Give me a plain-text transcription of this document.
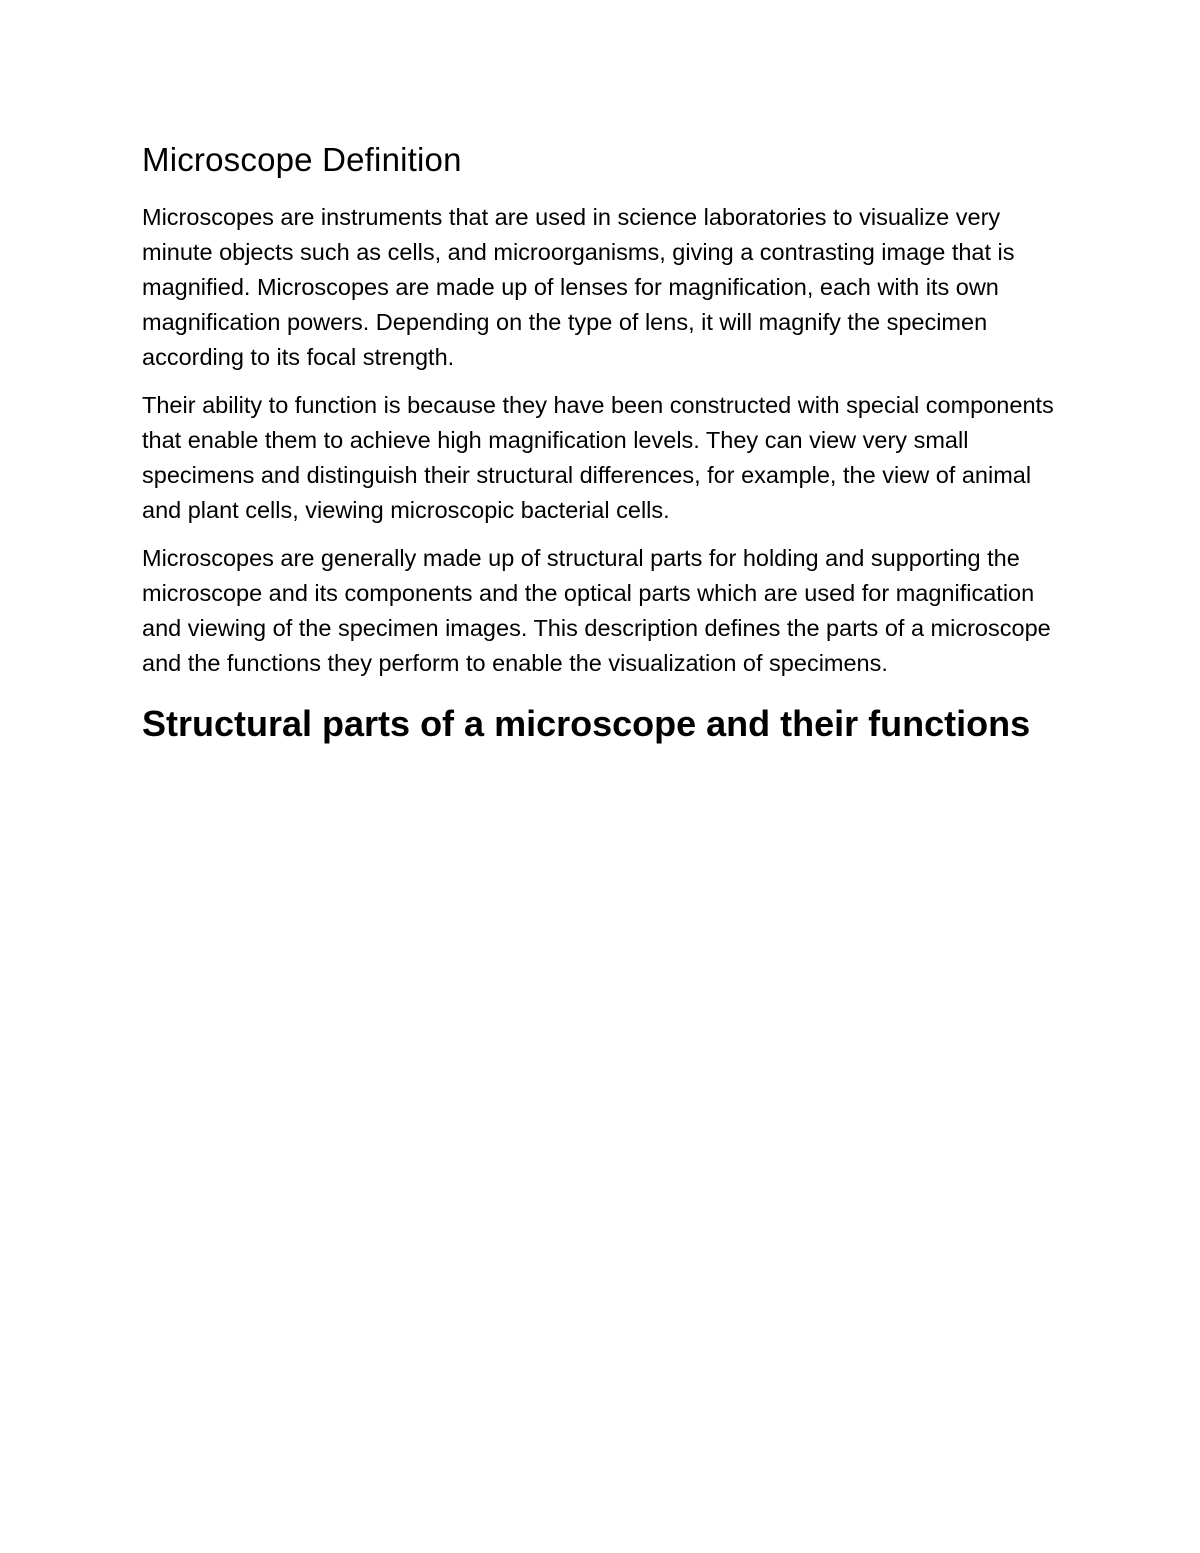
Microscope Definition

Microscopes are instruments that are used in science laboratories to visualize very minute objects such as cells, and microorganisms, giving a contrasting image that is magnified. Microscopes are made up of lenses for magnification, each with its own magnification powers. Depending on the type of lens, it will magnify the specimen according to its focal strength.

Their ability to function is because they have been constructed with special components that enable them to achieve high magnification levels. They can view very small specimens and distinguish their structural differences, for example, the view of animal and plant cells, viewing microscopic bacterial cells.

Microscopes are generally made up of structural parts for holding and supporting the microscope and its components and the optical parts which are used for magnification and viewing of the specimen images. This description defines the parts of a microscope and the functions they perform to enable the visualization of specimens.

Structural parts of a microscope and their functions
